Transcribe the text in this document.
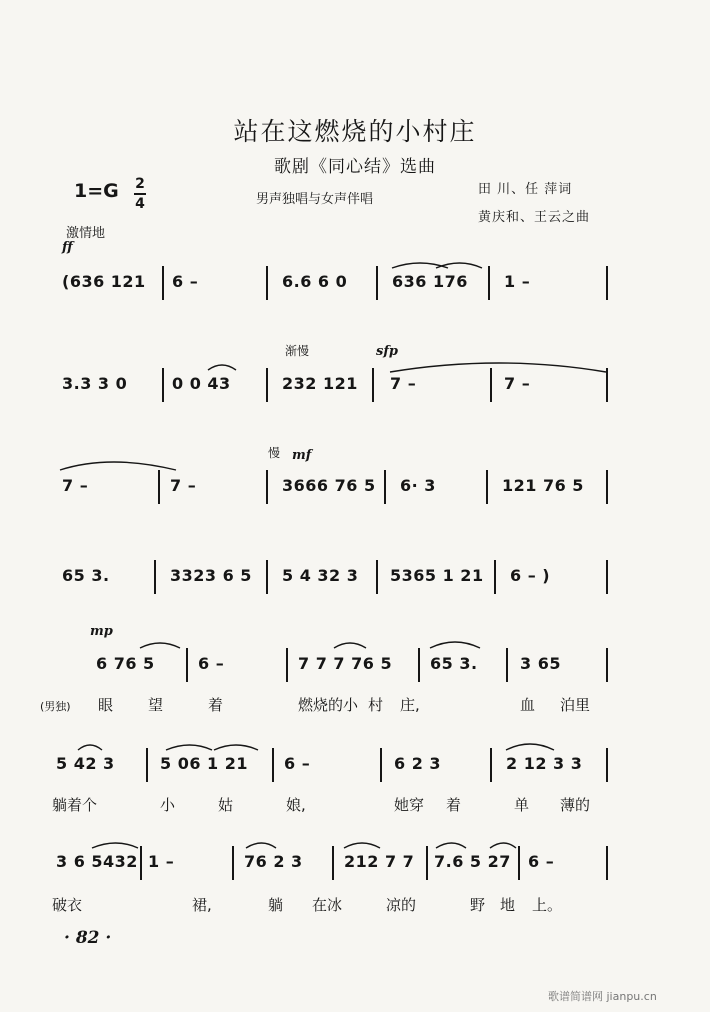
站在这燃烧的小村庄
歌剧《同心结》选曲
1=G 2
4	男声独唱与女声伴唱
田 川、任 萍词
黄庆和、王云之曲
激情地
ff
sfp
渐慢
慢 mf
mp
(636 121 6 –	6.6 6 0	636 176 1 –
3.3 3 0	0 0 43	232 121 7 –	7 –
7 –	7 –	3666 76 5 6· 3	121 76 5
65 3.	3323 6 5 5 4 32 3 5365 1 21 6 – )
6 76 5	6 –	7 7 7 76 5 65 3.	3 65
(男独) 眼 望	着	燃烧的小 村 庄,	血 泊里
5 42 3	5 06 1 21 6 –	6 2 3	2 12 3 3
躺着个	小	姑	娘,	她穿 着	单 薄的
3 6 5432 1 –	76 2 3	212 7 7 7.6 5 27 6 –
破衣	裙,	躺 在冰	凉的	野 地 上。
· 82 ·
歌谱简谱网 jianpu.cn
